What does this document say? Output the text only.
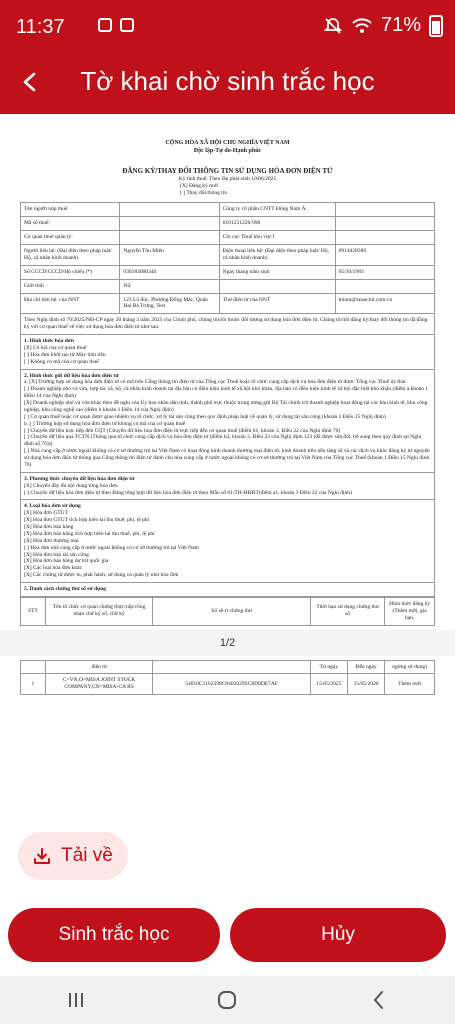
11:37	71%
Tờ khai chờ sinh trắc học
CỘNG HÒA XÃ HỘI CHỦ NGHĨA VIỆT NAM
Độc lập-Tự do-Hạnh phúc
ĐĂNG KÝ/THAY ĐỔI THÔNG TIN SỬ DỤNG HÓA ĐƠN ĐIỆN TỬ
Kỳ tính thuế: Theo lần phát sinh 10/06/2025
[X] Đăng ký mới
[ ] Thay đổi thông tin
Tên người nộp thuế		Công ty cổ phần CNTT Đông Nam Á	
Mã số thuế:		0101231226-998	
Cơ quan thuế quản lý:		Chi cục Thuế khu vực I	
Người liên hệ: (Đại diện theo pháp luật/ Hộ, cá nhân kinh doanh)	Nguyễn Thu Miên	Điện thoại liên hệ: (Đại diện theo pháp luật/ Hộ, cá nhân kinh doanh)	0914428388
Số CCCD/CCCD/Hộ chiếu (*)	036183000346	Ngày tháng năm sinh	05/10/1983
Giới tính	Nữ		
Địa chỉ liên hệ: của NNT	123 Lò đúc, Phường Đống Mác, Quận Hai Bà Trưng, Test	Thư điện tử của NNT	miunt@seanchit.com.vn
Theo Nghị định số 70/2025/NĐ-CP ngày 20 tháng 3 năm 2025 của Chính phủ, chúng tôi/tôi thuộc đối tượng sử dụng hóa đơn điện tử. Chúng tôi/tôi đăng ký/thay đổi thông tin đã đăng ký với cơ quan thuế về việc sử dụng hóa đơn điện tử như sau:
1. Hình thức hóa đơn
[X] Có mã của cơ quan thuế
[ ] Hóa đơn khởi tạo từ Máy tính tiền
[ ] Không có mã của cơ quan thuế
2. Hình thức gửi dữ liệu hóa đơn điện tử
a. [X] Trường hợp sử dụng hóa đơn điện tử có mã trên Cổng thông tin điện tử của Tổng cục Thuế hoặc tổ chức cung cấp dịch vụ hóa đơn điện tử được Tổng cục Thuế ủy thác
[ ] Doanh nghiệp nhỏ và vừa, hợp tác xã, hộ, cá nhân kinh doanh tại địa bàn có điều kiện kinh tế xã hội khó khăn, địa bàn có điều kiện kinh tế xã hội đặc biệt khó khăn (điểm a khoản 1 Điều 14 của Nghị định)
[X] Doanh nghiệp nhỏ và vừa khác theo đề nghị của Ủy ban nhân dân tỉnh, thành phố trực thuộc trung ương gửi Bộ Tài chính trừ doanh nghiệp hoạt động tại các khu kinh tế, khu công nghiệp, khu công nghệ cao (điểm b khoản 1 Điều 14 của Nghị định)
[ ] Cơ quan thuế hoặc cơ quan được giao nhiệm vụ tổ chức, xử lý tài sản công theo quy định pháp luật về quản lý, sử dụng tài sản công (khoản 1 Điều 15 Nghị định)
b. [ ] Trường hợp sử dụng hóa đơn điện tử không có mã của cơ quan thuế
[ ] Chuyển dữ liệu trực tiếp đến CQT (Chuyển dữ liệu hóa đơn điện tử trực tiếp đến cơ quan thuế (điểm b1, khoản 3, Điều 22 của Nghị định 70)
[ ] Chuyển dữ liệu qua TCTN (Thông qua tổ chức cung cấp dịch vụ hóa đơn điện tử (điểm b2, khoản 3, Điều 22 của Nghị định 123 (đã được sửa đổi, bổ sung theo quy định tại Nghị định số 70)))
[ ] Nhà cung cấp ở nước ngoài không có cơ sở thường trú tại Việt Nam có hoạt động kinh doanh thương mại điện tử, kinh doanh trên nền tảng số và các dịch vụ khác đăng ký tự nguyện sử dụng hóa đơn điện tử thông qua Cổng thông tin điện tử dành cho nhà cung cấp ở nước ngoài không có cơ sở thường trú tại Việt Nam của Tổng cục Thuế (khoản 1 Điều 15 Nghị định 70)
3. Phương thức chuyển dữ liệu hóa đơn điện tử
[X] Chuyển đầy đủ nội dung từng hóa đơn
[ ] Chuyển dữ liệu hóa đơn điện tử theo Bảng tổng hợp dữ liệu hóa đơn điện tử theo Mẫu số 01/TH-HĐĐT(điểm a1, khoản 3 Điều 22 của Nghị định)
4. Loại hóa đơn sử dụng
[X] Hóa đơn GTGT
[X] Hóa đơn GTGT tích hợp biên lai thu thuế, phí, lệ phí
[X] Hóa đơn bán hàng
[X] Hóa đơn bán hàng tích hợp biên lai thu thuế, phí, lệ phí
[X] Hóa đơn thương mại
[ ] Hóa đơn nhà cung cấp ở nước ngoài không có cơ sở thường trú tại Việt Nam
[X] Hóa đơn bán tài sản công
[X] Hóa đơn bán hàng dự trữ quốc gia
[X] Các loại hóa đơn khác
[X] Các chứng từ được in, phát hành, sử dụng và quản lý như hóa đơn
5. Danh sách chứng thư số sử dụng
STT	Tên tổ chức cơ quan chứng thực/cấp/công nhận chữ ký số, chữ ký	Số sê-ri chứng thư	Thời hạn sử dụng chứng thư số	Hình thức đăng ký (Thêm mới, gia hạn,
1/2
	điện tử		Từ ngày	Đến ngày	ngừng sử dụng)
1	C=VN,O=MISA JOINT STOCK COMPANY,CN=MISA-CA RS	54010C1162398C8402029SC8D0DE7AF	15/05/2025	15/05/2026	Thêm mới
Tải về
Sinh trắc học	Hủy
